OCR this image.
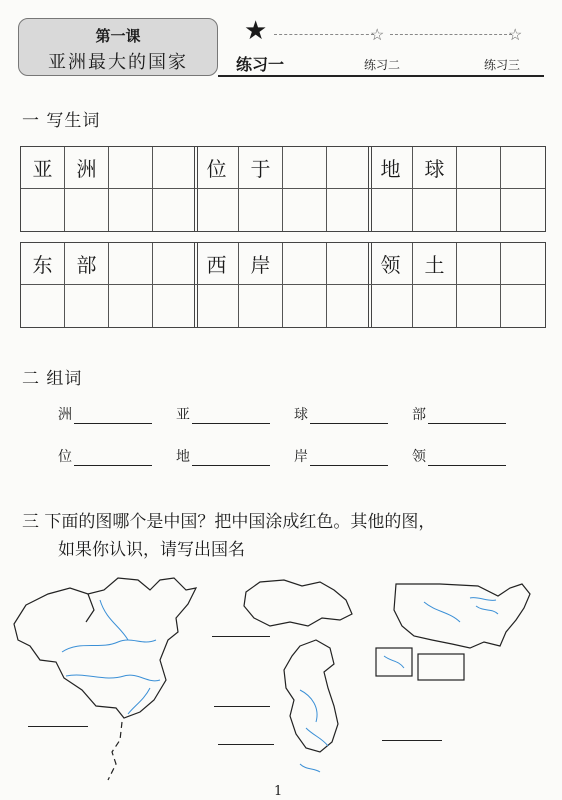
第一课
亚洲最大的国家
★	☆	☆
练习一	练习二	练习三
一 写生词
亚	洲	位	于	地	球
东	部	西	岸	领	土
二 组词
洲	亚	球	部
位	地	岸	领
三 下面的图哪个是中国？把中国涂成红色。其他的图，
如果你认识，请写出国名
1
